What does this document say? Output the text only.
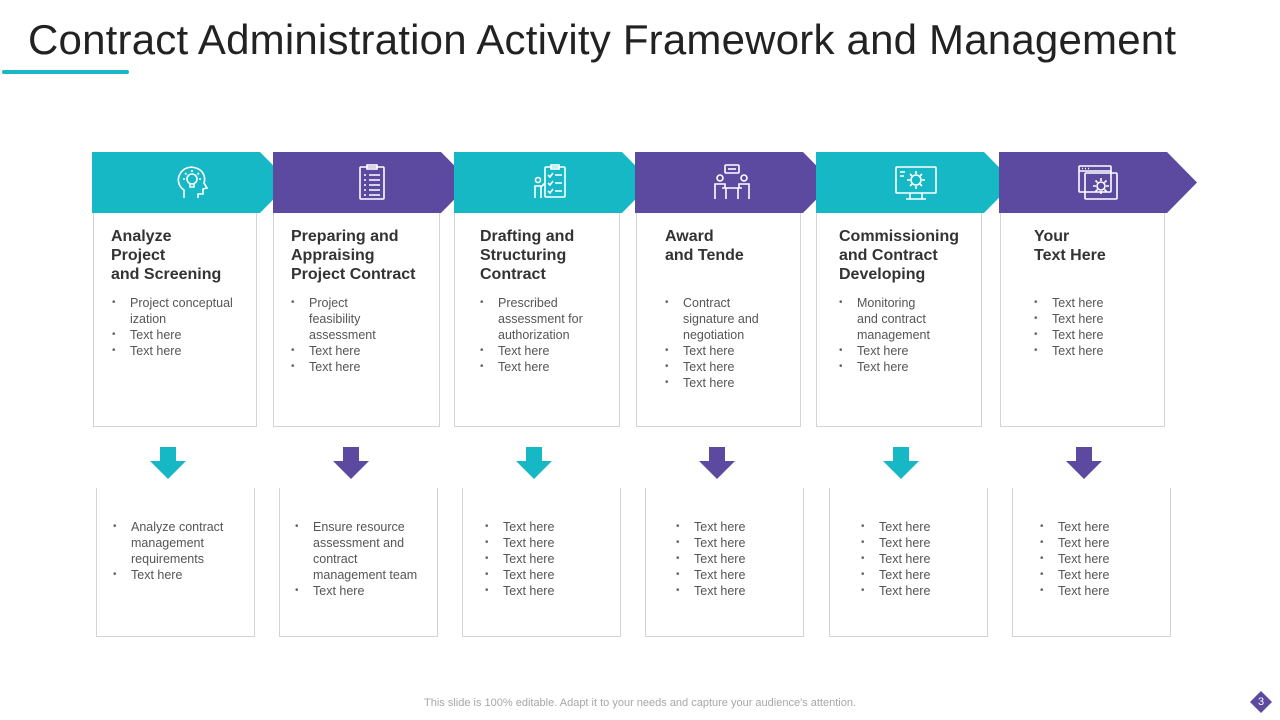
Contract Administration Activity Framework and Management
Analyze
Project
and Screening
• Project conceptual
ization
• Text here
• Text here
Preparing and
Appraising
Project Contract
• Project
feasibility
assessment
• Text here
• Text here
Drafting and
Structuring
Contract
• Prescribed
assessment for
authorization
• Text here
• Text here
Award
and Tende
• Contract
signature and
negotiation
• Text here
• Text here
• Text here
Commissioning
and Contract
Developing
• Monitoring
and contract
management
• Text here
• Text here
Your
Text Here
• Text here
• Text here
• Text here
• Text here
• Analyze contract
management
requirements
• Text here
• Ensure resource
assessment and
contract
management team
• Text here
• Text here
• Text here
• Text here
• Text here
• Text here
• Text here
• Text here
• Text here
• Text here
• Text here
• Text here
• Text here
• Text here
• Text here
• Text here
• Text here
• Text here
• Text here
• Text here
• Text here
This slide is 100% editable. Adapt it to your needs and capture your audience's attention.	3
